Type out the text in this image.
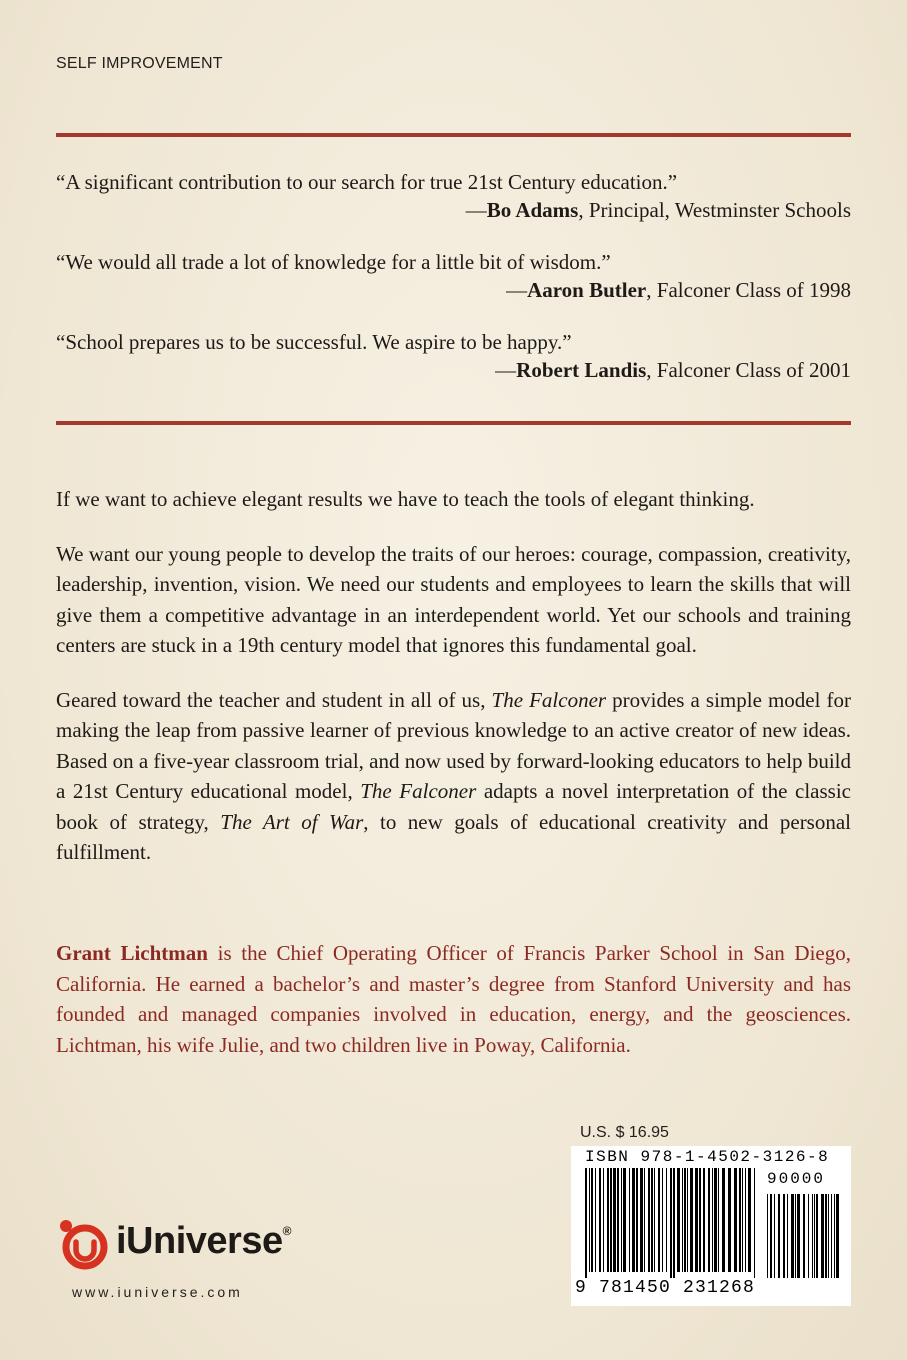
SELF IMPROVEMENT
“A significant contribution to our search for true 21st Century education.”
—Bo Adams, Principal, Westminster Schools
“We would all trade a lot of knowledge for a little bit of wisdom.”
—Aaron Butler, Falconer Class of 1998
“School prepares us to be successful. We aspire to be happy.”
—Robert Landis, Falconer Class of 2001

If we want to achieve elegant results we have to teach the tools of elegant thinking.

We want our young people to develop the traits of our heroes: courage, compassion, creativity, leadership, invention, vision. We need our students and employees to learn the skills that will give them a competitive advantage in an interdependent world. Yet our schools and training centers are stuck in a 19th century model that ignores this fundamental goal.

Geared toward the teacher and student in all of us, The Falconer provides a simple model for making the leap from passive learner of previous knowledge to an active creator of new ideas. Based on a five-year classroom trial, and now used by forward-looking educators to help build a 21st Century educational model, The Falconer adapts a novel interpretation of the classic book of strategy, The Art of War, to new goals of educational creativity and personal fulfillment.

Grant Lichtman is the Chief Operating Officer of Francis Parker School in San Diego, California. He earned a bachelor’s and master’s degree from Stanford University and has founded and managed companies involved in education, energy, and the geosciences. Lichtman, his wife Julie, and two children live in Poway, California.
iUniverse®
www.iuniverse.com
U.S. $ 16.95
ISBN 978-1-4502-3126-8
90000
9 781450 231268
